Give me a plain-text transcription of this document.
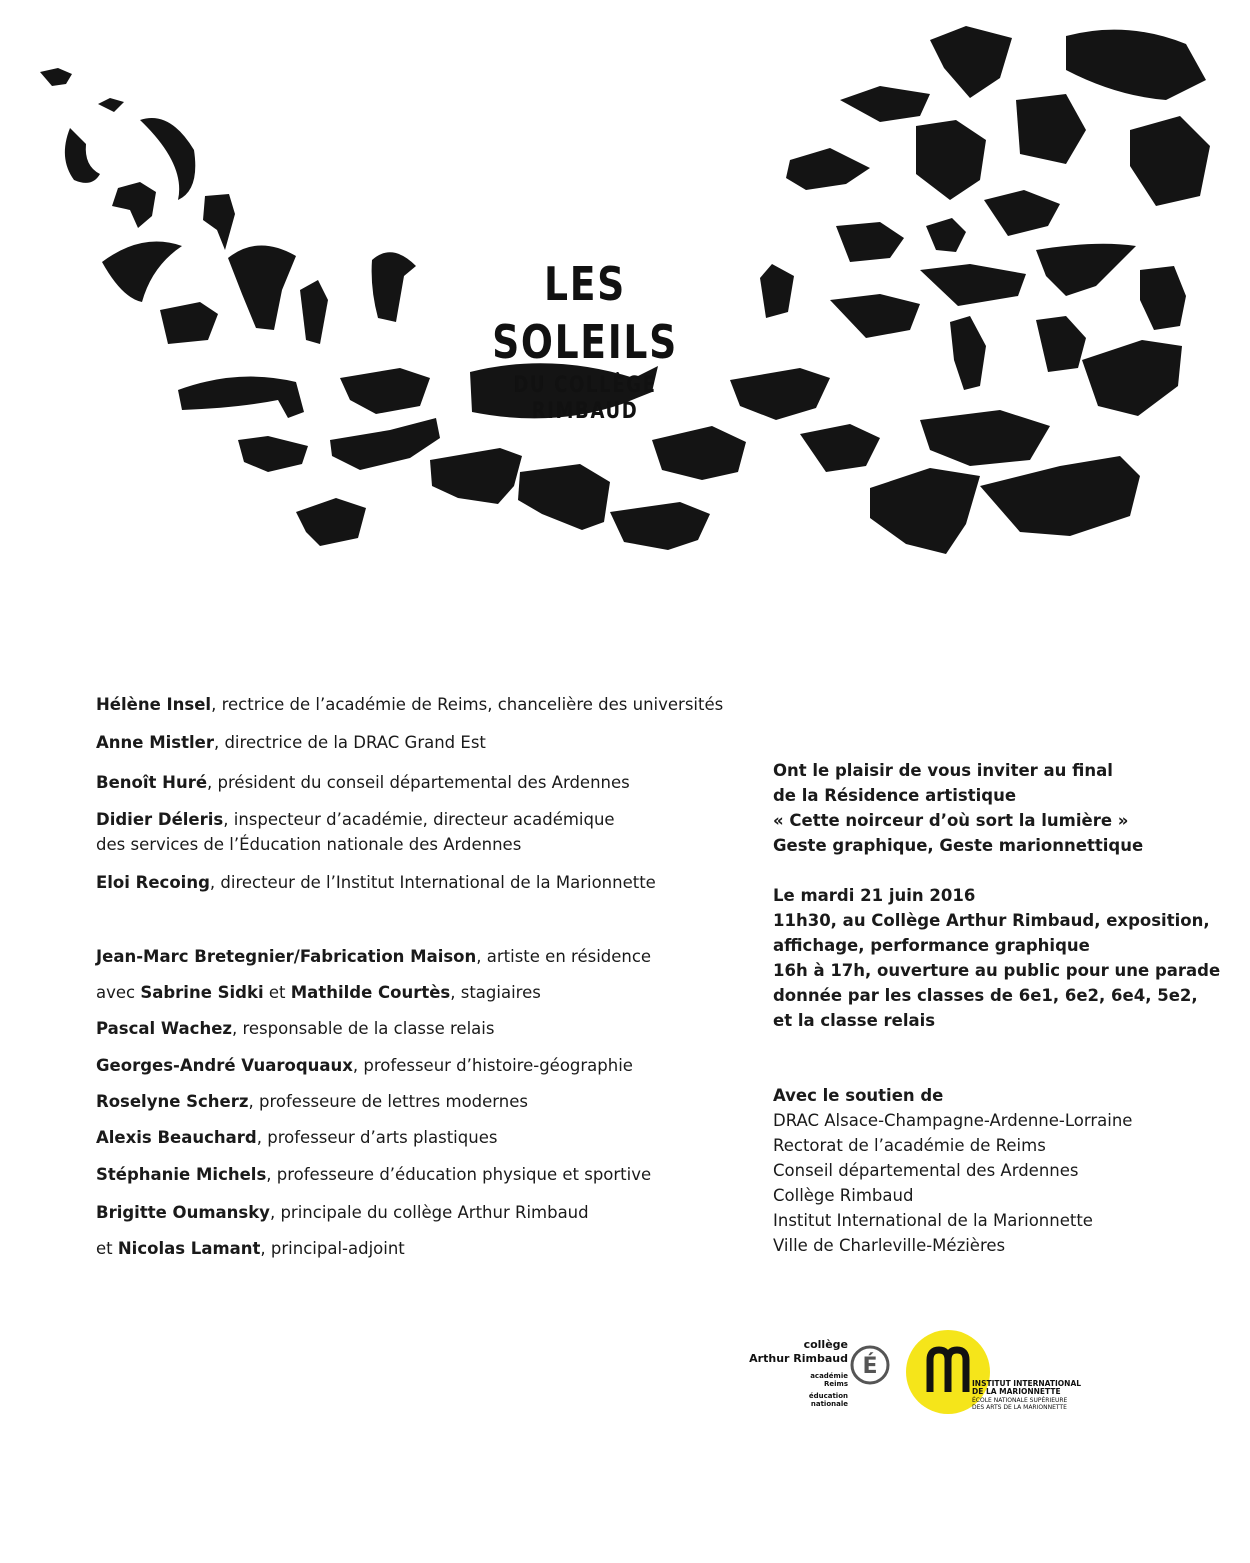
LES SOLEILS
DU COLLÈGE RIMBAUD
Hélène Insel, rectrice de l’académie de Reims, chancelière des universités
Anne Mistler, directrice de la DRAC Grand Est
Benoît Huré, président du conseil départemental des Ardennes
Didier Déleris, inspecteur d’académie, directeur académique
des services de l’Éducation nationale des Ardennes
Eloi Recoing, directeur de l’Institut International de la Marionnette
Jean-Marc Bretegnier/Fabrication Maison, artiste en résidence
avec Sabrine Sidki et Mathilde Courtès, stagiaires
Pascal Wachez, responsable de la classe relais
Georges-André Vuaroquaux, professeur d’histoire-géographie
Roselyne Scherz, professeure de lettres modernes
Alexis Beauchard, professeur d’arts plastiques
Stéphanie Michels, professeure d’éducation physique et sportive
Brigitte Oumansky, principale du collège Arthur Rimbaud
et Nicolas Lamant, principal-adjoint
Ont le plaisir de vous inviter au final
de la Résidence artistique
« Cette noirceur d’où sort la lumière »
Geste graphique, Geste marionnettique
Le mardi 21 juin 2016
11h30, au Collège Arthur Rimbaud, exposition,
affichage, performance graphique
16h à 17h, ouverture au public pour une parade
donnée par les classes de 6e1, 6e2, 6e4, 5e2,
et la classe relais
Avec le soutien de
DRAC Alsace-Champagne-Ardenne-Lorraine
Rectorat de l’académie de Reims
Conseil départemental des Ardennes
Collège Rimbaud
Institut International de la Marionnette
Ville de Charleville-Mézières
collège
Arthur Rimbaud
académie
Reims
éducation
nationale
É
INSTITUT INTERNATIONAL
DE LA MARIONNETTE
ÉCOLE NATIONALE SUPÉRIEURE
DES ARTS DE LA MARIONNETTE
